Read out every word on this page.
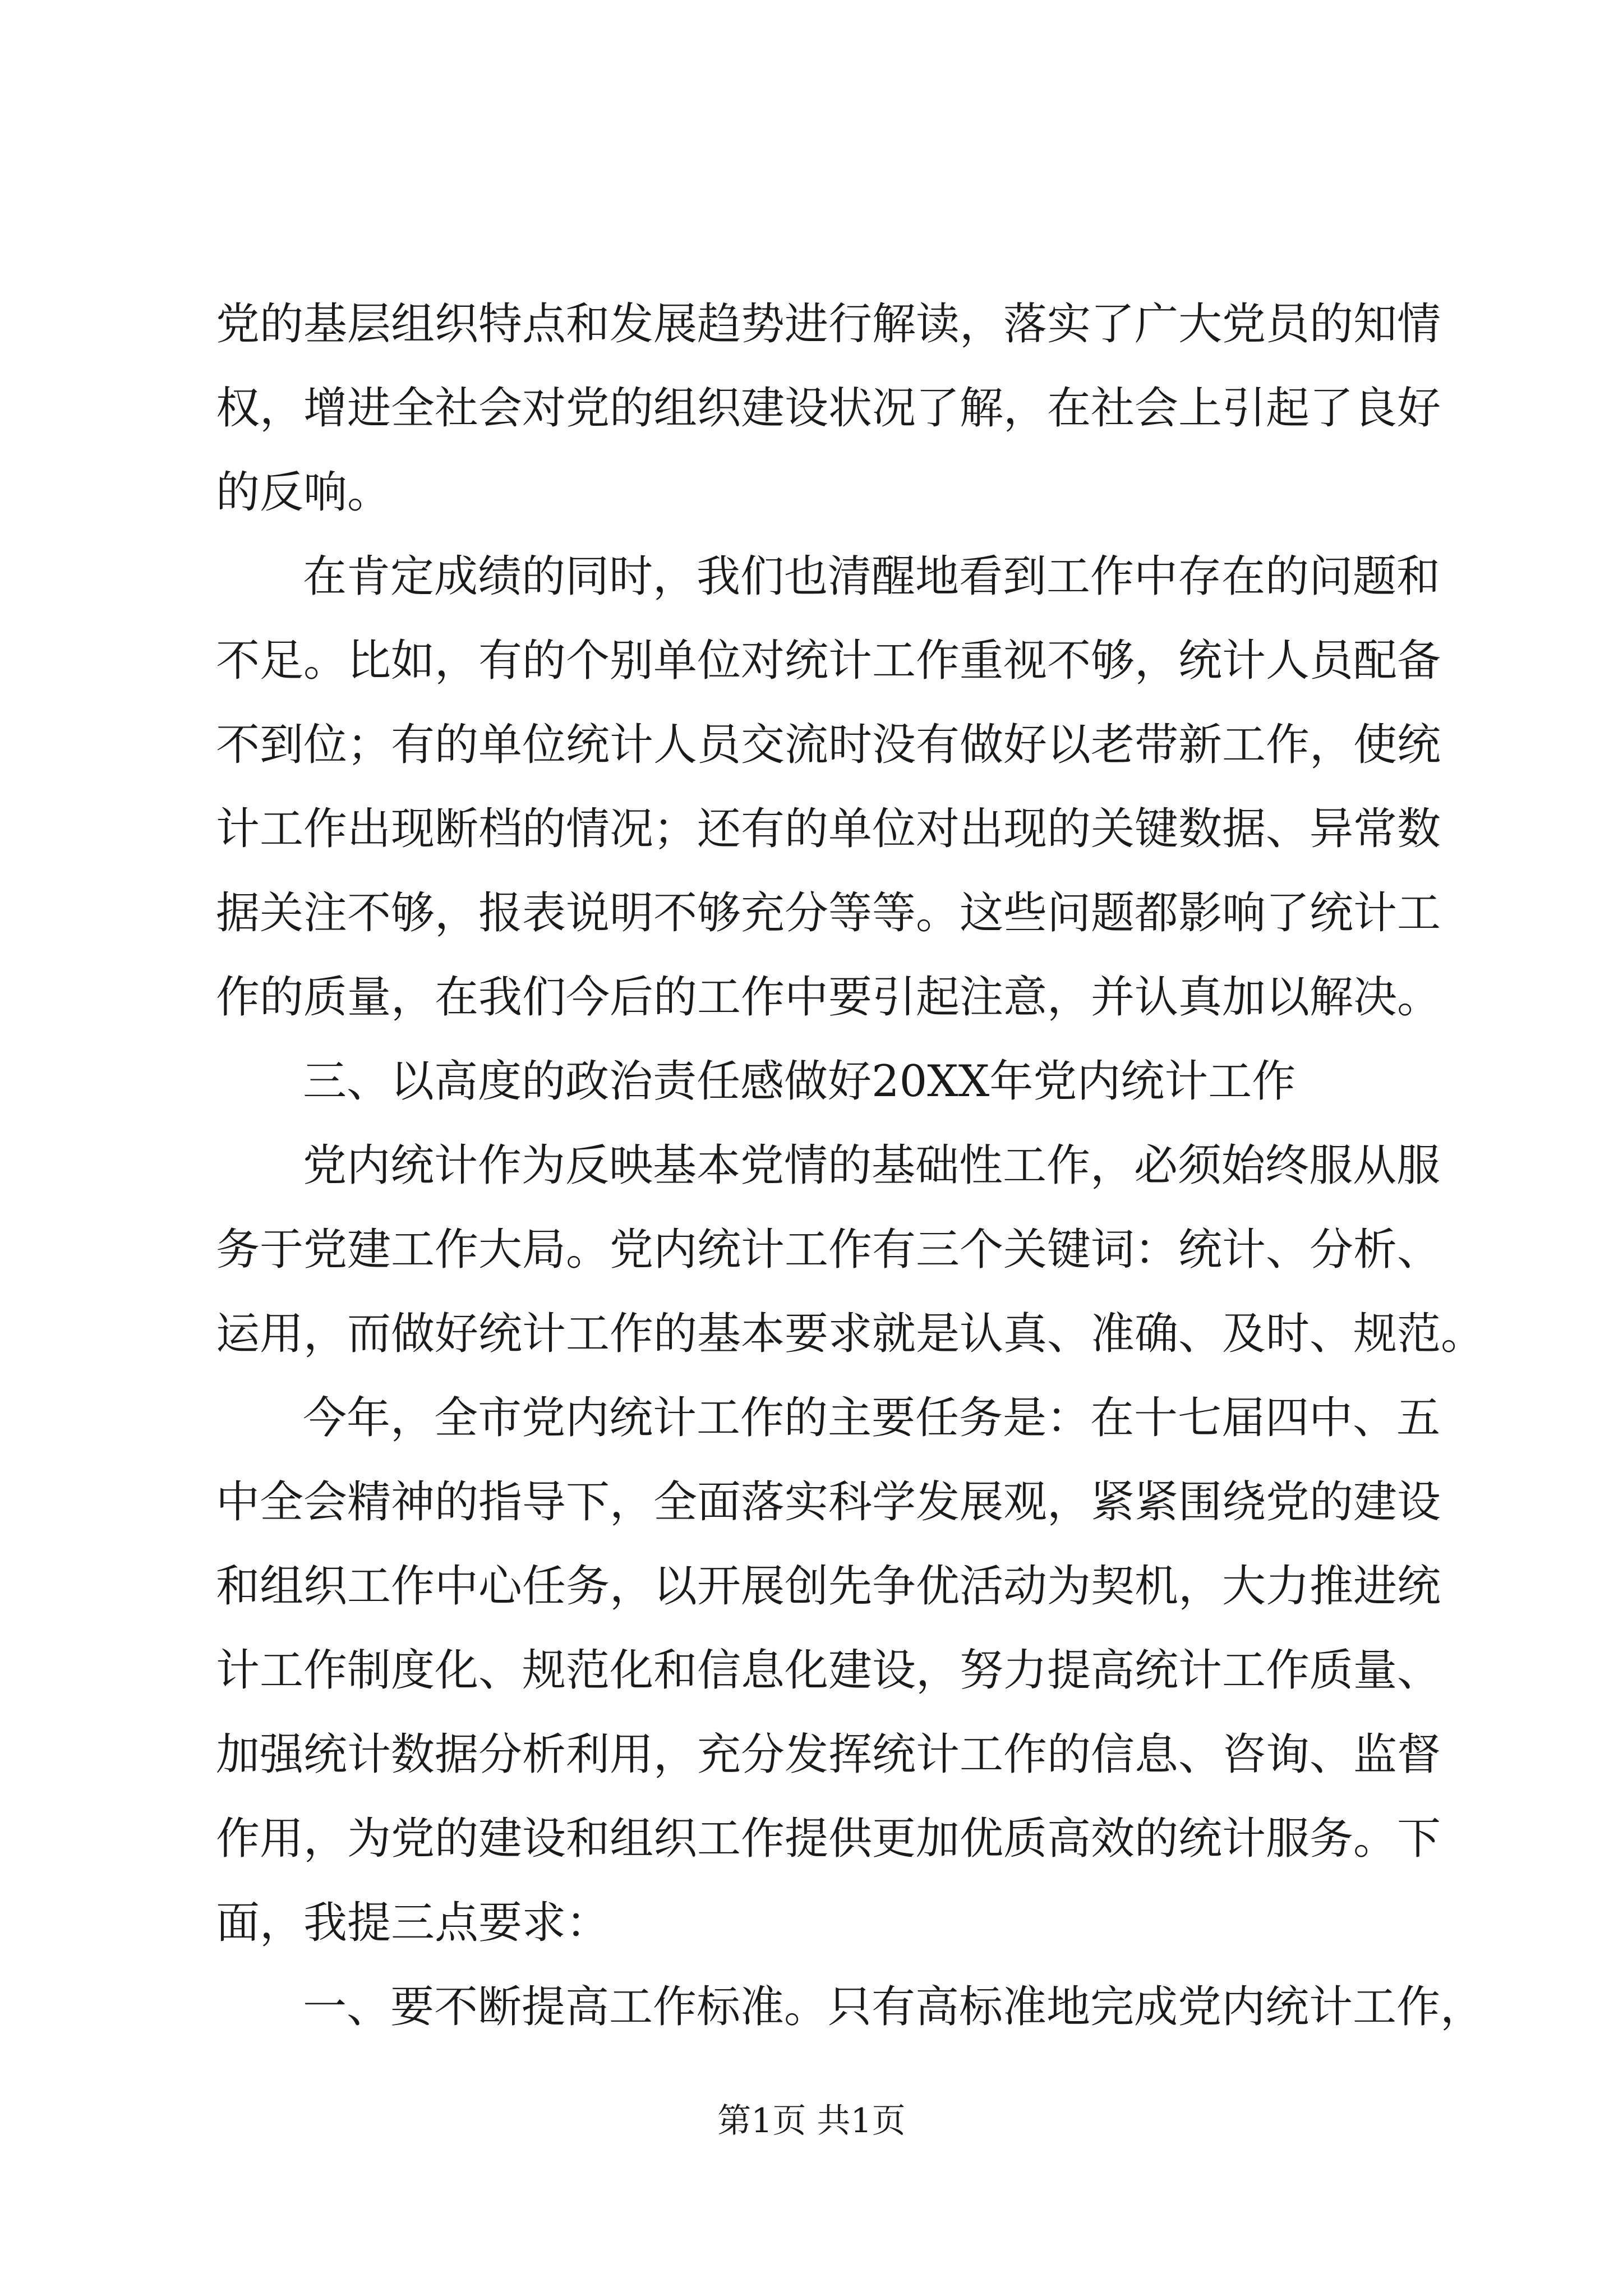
党的基层组织特点和发展趋势进行解读，落实了广大党员的知情
权，增进全社会对党的组织建设状况了解，在社会上引起了良好
的反响。
在肯定成绩的同时，我们也清醒地看到工作中存在的问题和
不足。比如，有的个别单位对统计工作重视不够，统计人员配备
不到位；有的单位统计人员交流时没有做好以老带新工作，使统
计工作出现断档的情况；还有的单位对出现的关键数据、异常数
据关注不够，报表说明不够充分等等。这些问题都影响了统计工
作的质量，在我们今后的工作中要引起注意，并认真加以解决。
三、以高度的政治责任感做好20XX年党内统计工作
党内统计作为反映基本党情的基础性工作，必须始终服从服
务于党建工作大局。党内统计工作有三个关键词：统计、分析、
运用，而做好统计工作的基本要求就是认真、准确、及时、规范。
今年，全市党内统计工作的主要任务是：在十七届四中、五
中全会精神的指导下，全面落实科学发展观，紧紧围绕党的建设
和组织工作中心任务，以开展创先争优活动为契机，大力推进统
计工作制度化、规范化和信息化建设，努力提高统计工作质量、
加强统计数据分析利用，充分发挥统计工作的信息、咨询、监督
作用，为党的建设和组织工作提供更加优质高效的统计服务。下
面，我提三点要求：
一、要不断提高工作标准。只有高标准地完成党内统计工作，
第1页 共1页
